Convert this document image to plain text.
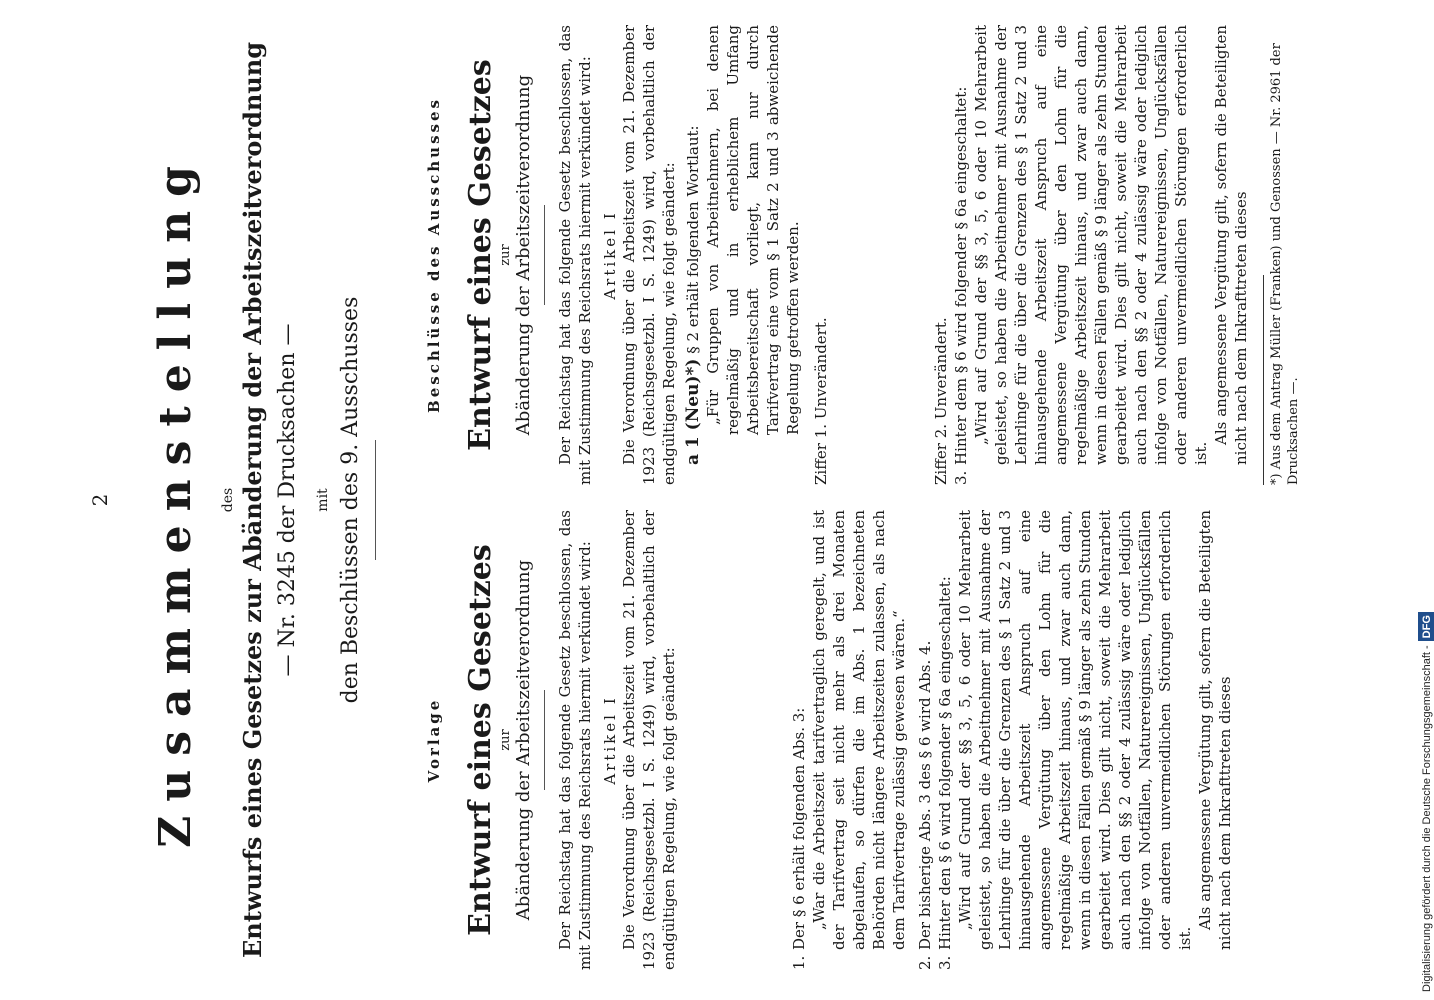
2 Zusammenstellung des Entwurfs eines Gesetzes zur Abänderung der Arbeitszeitverordnung — Nr. 3245 der Drucksachen — mit den Beschlüssen des 9. Ausschusses
Vorlage Entwurf eines Gesetzes zur Abänderung der Arbeitszeitverordnung Der Reichstag hat das folgende Gesetz beschlossen, das mit Zustimmung des Reichsrats hiermit verkündet wird: Artikel I Die Verordnung über die Arbeitszeit vom 21. Dezember 1923 (Reichsgesetzbl. I S. 1249) wird, vorbehaltlich der endgültigen Regelung, wie folgt geändert:	1.
Der § 6 erhält folgenden Abs. 3: „War die Arbeitszeit tarifvertraglich geregelt, und ist der Tarifvertrag seit nicht mehr als drei Monaten abgelaufen, so dürfen die im Abs. 1 bezeichneten Behörden nicht längere Arbeitszeiten zulassen, als nach dem Tarifvertrage zulässig gewesen wären.“
2.
Der bisherige Abs. 3 des § 6 wird Abs. 4.
3.
Hinter den § 6 wird folgender § 6a eingeschaltet: „Wird auf Grund der §§ 3, 5, 6 oder 10 Mehrarbeit geleistet, so haben die Arbeitnehmer mit Ausnahme der Lehrlinge für die über die Grenzen des § 1 Satz 2 und 3 hinausgehende Arbeitszeit Anspruch auf eine angemessene Vergütung über den Lohn für die regelmäßige Arbeitszeit hinaus, und zwar auch dann, wenn in diesen Fällen gemäß § 9 länger als zehn Stunden gearbeitet wird. Dies gilt nicht, soweit die Mehrarbeit auch nach den §§ 2 oder 4 zulässig wäre oder lediglich infolge von Notfällen, Naturereignissen, Unglücksfällen oder anderen unvermeidlichen Störungen erforderlich ist.
Als angemessene Vergütung gilt, sofern die Beteiligten nicht nach dem Inkrafttreten dieses
Beschlüsse des Ausschusses Entwurf eines Gesetzes zur Abänderung der Arbeitszeitverordnung Der Reichstag hat das folgende Gesetz beschlossen, das mit Zustimmung des Reichsrats hiermit verkündet wird: Artikel I Die Verordnung über die Arbeitszeit vom 21. Dezember 1923 (Reichsgesetzbl. I S. 1249) wird, vorbehaltlich der endgültigen Regelung, wie folgt geändert: a 1 (Neu)*) § 2 erhält folgenden Wortlaut: „Für Gruppen von Arbeitnehmern, bei denen regelmäßig und in erheblichem Umfang Arbeitsbereitschaft vorliegt, kann nur durch Tarifvertrag eine vom § 1 Satz 2 und 3 abweichende Regelung getroffen werden. Ziffer 1. Unverändert.	Ziffer 2. Unverändert. 3.
Hinter dem § 6 wird folgender § 6a eingeschaltet: „Wird auf Grund der §§ 3, 5, 6 oder 10 Mehrarbeit geleistet, so haben die Arbeitnehmer mit Ausnahme der Lehrlinge für die über die Grenzen des § 1 Satz 2 und 3 hinausgehende Arbeitszeit Anspruch auf eine angemessene Vergütung über den Lohn für die regelmäßige Arbeitszeit hinaus, und zwar auch dann, wenn in diesen Fällen gemäß § 9 länger als zehn Stunden gearbeitet wird. Dies gilt nicht, soweit die Mehrarbeit auch nach den §§ 2 oder 4 zulässig wäre oder lediglich infolge von Notfällen, Naturereignissen, Unglücksfällen oder anderen unvermeidlichen Störungen erforderlich ist.
Als angemessene Vergütung gilt, sofern die Beteiligten nicht nach dem Inkrafttreten dieses *) Aus dem Antrag Müller (Franken) und Genossen — Nr. 2961 der Drucksachen —.
Digitalisierung gefördert durch die Deutsche Forschungsgemeinschaft -DFG
